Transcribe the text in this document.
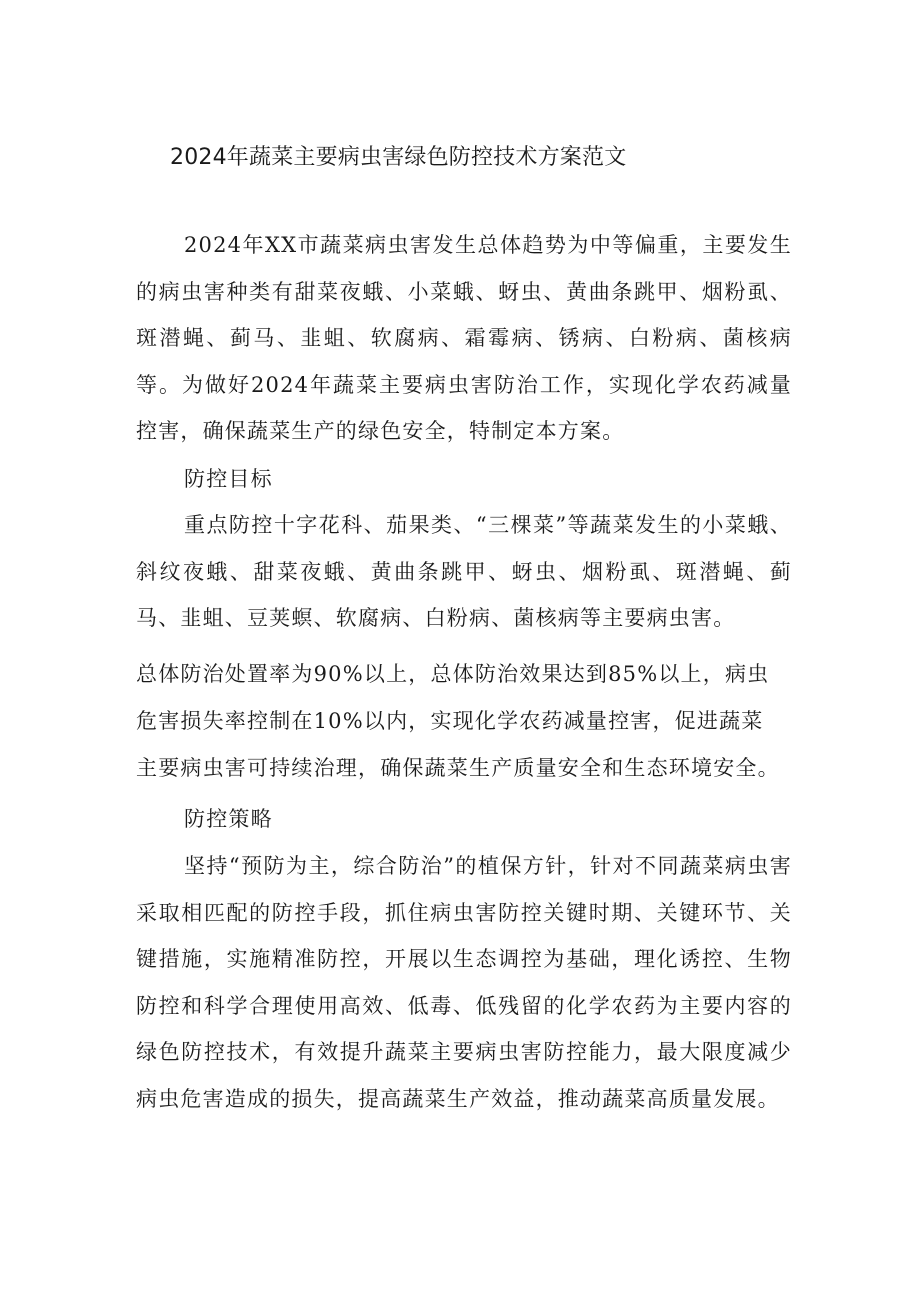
2024年蔬菜主要病虫害绿色防控技术方案范文
2024年XX市蔬菜病虫害发生总体趋势为中等偏重，主要发生的病虫害种类有甜菜夜蛾、小菜蛾、蚜虫、黄曲条跳甲、烟粉虱、斑潜蝇、蓟马、韭蛆、软腐病、霜霉病、锈病、白粉病、菌核病等。为做好2024年蔬菜主要病虫害防治工作，实现化学农药减量控害，确保蔬菜生产的绿色安全，特制定本方案。
防控目标
重点防控十字花科、茄果类、“三棵菜”等蔬菜发生的小菜蛾、斜纹夜蛾、甜菜夜蛾、黄曲条跳甲、蚜虫、烟粉虱、斑潜蝇、蓟马、韭蛆、豆荚螟、软腐病、白粉病、菌核病等主要病虫害。
总体防治处置率为90%以上，总体防治效果达到85%以上，病虫
危害损失率控制在10%以内，实现化学农药减量控害，促进蔬菜
主要病虫害可持续治理，确保蔬菜生产质量安全和生态环境安全。
防控策略
坚持“预防为主，综合防治”的植保方针，针对不同蔬菜病虫害采取相匹配的防控手段，抓住病虫害防控关键时期、关键环节、关键措施，实施精准防控，开展以生态调控为基础，理化诱控、生物防控和科学合理使用高效、低毒、低残留的化学农药为主要内容的绿色防控技术，有效提升蔬菜主要病虫害防控能力，最大限度减少病虫危害造成的损失，提高蔬菜生产效益，推动蔬菜高质量发展。
